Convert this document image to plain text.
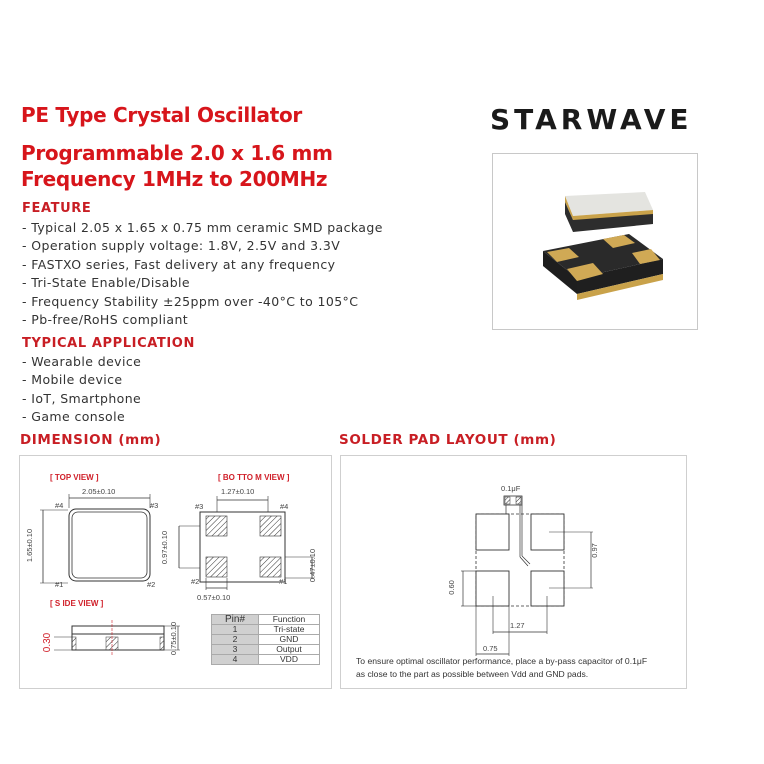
PE Type Crystal Oscillator
Programmable 2.0 x 1.6 mm
Frequency 1MHz to 200MHz
STARWAVE
FEATURE
- Typical 2.05 x 1.65 x 0.75 mm ceramic SMD package
- Operation supply voltage: 1.8V, 2.5V and 3.3V
- FASTXO series, Fast delivery at any frequency
- Tri-State Enable/Disable
- Frequency Stability ±25ppm over -40°C to 105°C
- Pb-free/RoHS compliant
TYPICAL APPLICATION
- Wearable device
- Mobile device
- IoT, Smartphone
- Game console
DIMENSION (mm)	SOLDER PAD LAYOUT (mm)
[ TOP VIEW ]	[ BO TTO M VIEW ]
[ S IDE VIEW ]
2.05±0.10
1.65±0.10
#4	#3
#1	#2
1.27±0.10
0.97±0.10
0.47±0.10
0.57±0.10
#3	#4
#2	#1
0.30	0.75±0.10
Pin#	Function
1	Tri-state
2	GND
3	Output
4	VDD
0.1μF
0.97
0.60
1.27
0.75
To ensure optimal oscillator performance, place a by-pass capacitor of 0.1μF
as close to the part as possible between Vdd and GND pads.
